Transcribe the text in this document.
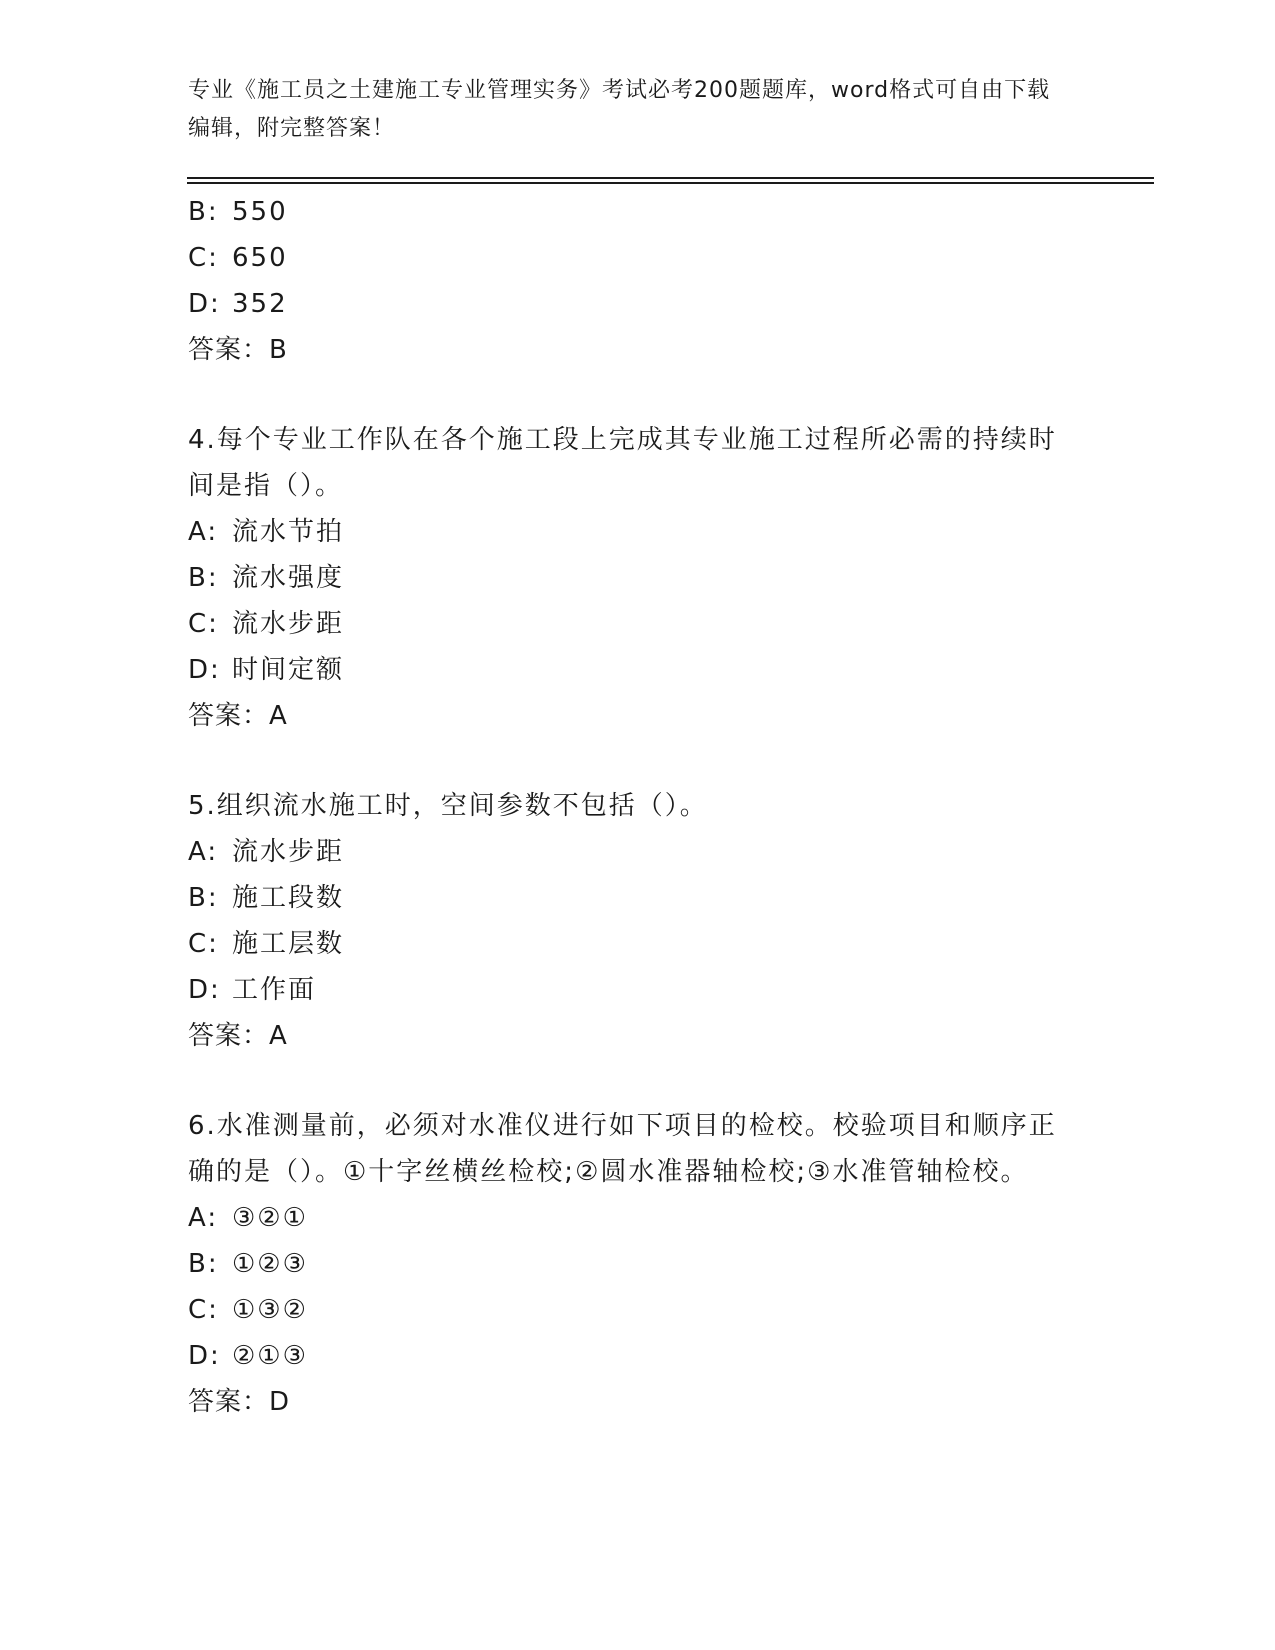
专业《施工员之土建施工专业管理实务》考试必考200题题库，word格式可自由下载编辑，附完整答案！
B: 550
C: 650
D: 352
答案：B
4.每个专业工作队在各个施工段上完成其专业施工过程所必需的持续时间是指（）。
A: 流水节拍
B: 流水强度
C: 流水步距
D: 时间定额
答案：A
5.组织流水施工时，空间参数不包括（）。
A: 流水步距
B: 施工段数
C: 施工层数
D: 工作面
答案：A
6.水准测量前，必须对水准仪进行如下项目的检校。校验项目和顺序正确的是（）。①十字丝横丝检校;②圆水准器轴检校;③水准管轴检校。
A: ③②①
B: ①②③
C: ①③②
D: ②①③
答案：D
